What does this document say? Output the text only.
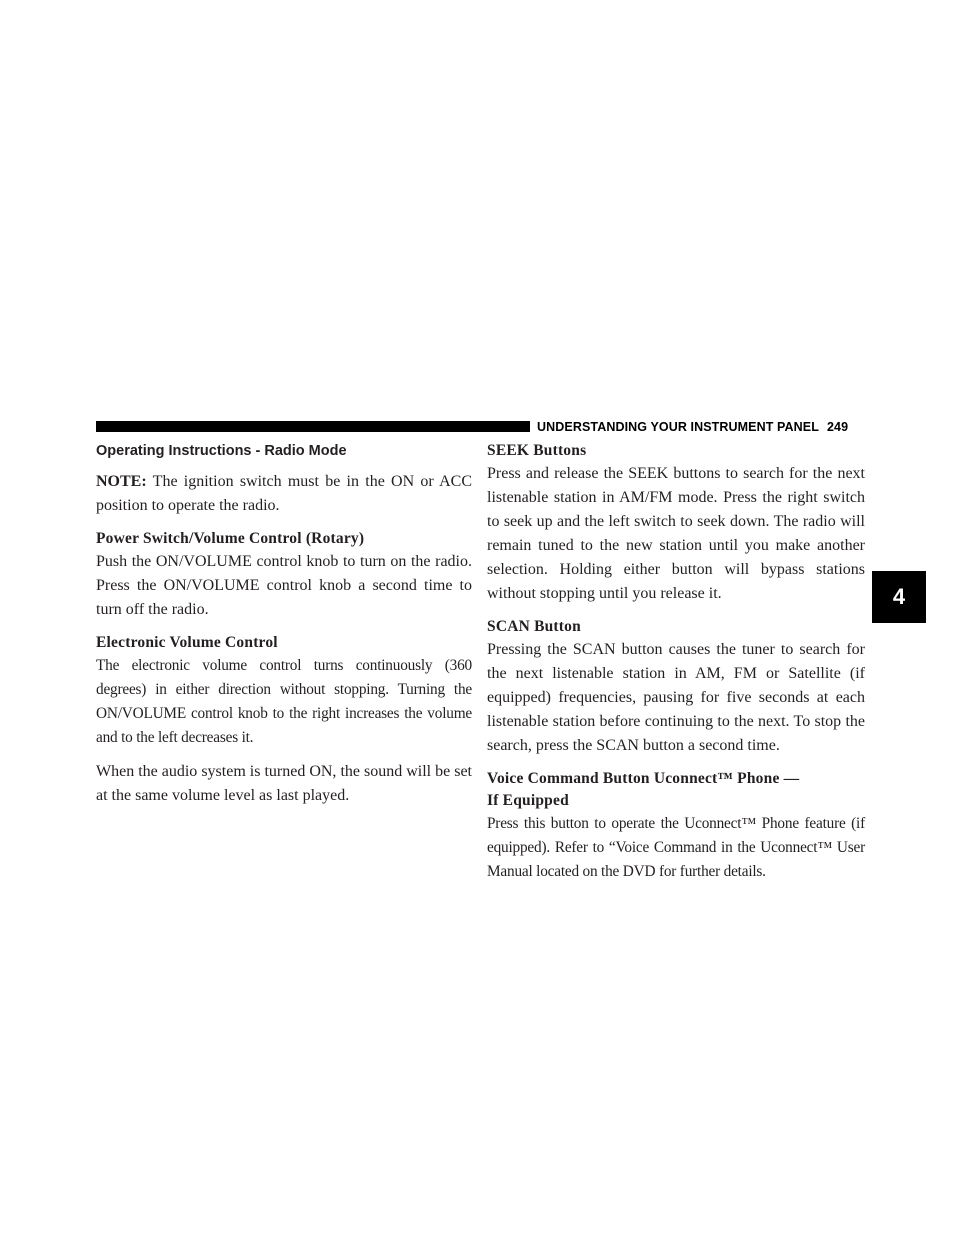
UNDERSTANDING YOUR INSTRUMENT PANEL 249
4
Operating Instructions - Radio Mode

NOTE: The ignition switch must be in the ON or ACC position to operate the radio.

Power Switch/Volume Control (Rotary)

Push the ON/VOLUME control knob to turn on the radio. Press the ON/VOLUME control knob a second time to turn off the radio.

Electronic Volume Control

The electronic volume control turns continuously (360 degrees) in either direction without stopping. Turning the ON/VOLUME control knob to the right increases the volume and to the left decreases it.

When the audio system is turned ON, the sound will be set at the same volume level as last played.

SEEK Buttons

Press and release the SEEK buttons to search for the next listenable station in AM/FM mode. Press the right switch to seek up and the left switch to seek down. The radio will remain tuned to the new station until you make another selection. Holding either button will bypass stations without stopping until you release it.

SCAN Button

Pressing the SCAN button causes the tuner to search for the next listenable station in AM, FM or Satellite (if equipped) frequencies, pausing for five seconds at each listenable station before continuing to the next. To stop the search, press the SCAN button a second time.

Voice Command Button Uconnect™ Phone —
If Equipped

Press this button to operate the Uconnect™ Phone feature (if equipped). Refer to “Voice Command in the Uconnect™ User Manual located on the DVD for further details.
